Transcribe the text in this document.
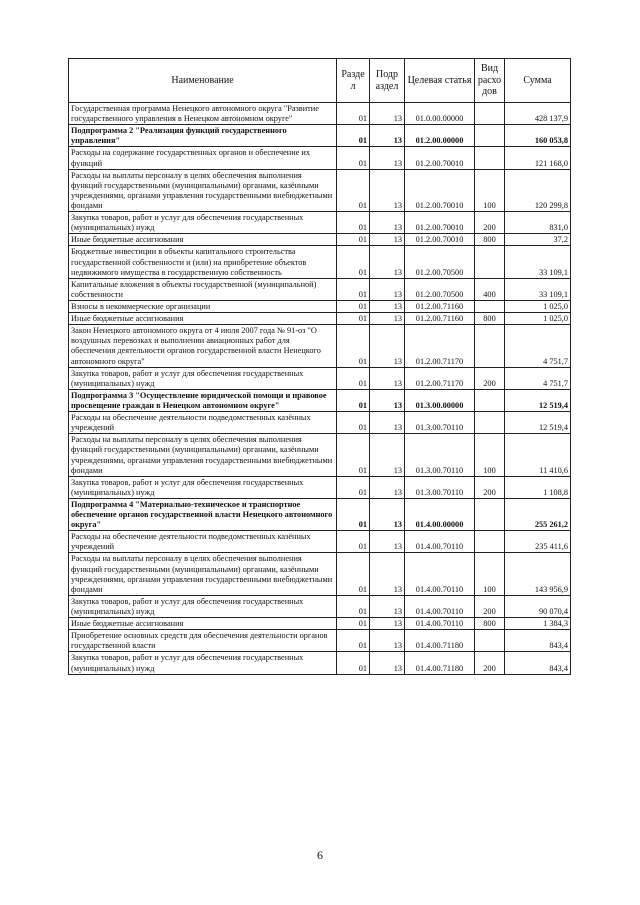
Наименование	Разде л	Подр аздел	Целевая статья	Вид расхо дов	Сумма
Государственная программа Ненецкого автономного округа "Развитие государственного управления в Ненецком автономном округе"	01	13	01.0.00.00000		428 137,9
Подпрограмма 2 "Реализация функций государственного управления"	01	13	01.2.00.00000		160 053,8
Расходы на содержание государственных органов и обеспечение их функций	01	13	01.2.00.70010		121 168,0
Расходы на выплаты персоналу в целях обеспечения выполнения функций государственными (муниципальными) органами, казёнными учреждениями, органами управления государственными внебюджетными фондами	01	13	01.2.00.70010	100	120 299,8
Закупка товаров, работ и услуг для обеспечения государственных (муниципальных) нужд	01	13	01.2.00.70010	200	831,0
Иные бюджетные ассигнования	01	13	01.2.00.70010	800	37,2
Бюджетные инвестиции в объекты капитального строительства государственной собственности и (или) на приобретение объектов недвижимого имущества в государственную собственность	01	13	01.2.00.70500		33 109,1
Капитальные вложения в объекты государственной (муниципальной) собственности	01	13	01.2.00.70500	400	33 109,1
Взносы в некоммерческие организации	01	13	01.2.00.71160		1 025,0
Иные бюджетные ассигнования	01	13	01.2.00.71160	800	1 025,0
Закон Ненецкого автономного округа от 4 июля 2007 года № 91-оз "О воздушных перевозках и выполнении авиационных работ для обеспечения деятельности органов государственной власти Ненецкого автономного округа"	01	13	01.2.00.71170		4 751,7
Закупка товаров, работ и услуг для обеспечения государственных (муниципальных) нужд	01	13	01.2.00.71170	200	4 751,7
Подпрограмма 3 "Осуществление юридической помощи и правовое просвещение граждан в Ненецком автономном округе"	01	13	01.3.00.00000		12 519,4
Расходы на обеспечение деятельности подведомственных казённых учреждений	01	13	01.3.00.70110		12 519,4
Расходы на выплаты персоналу в целях обеспечения выполнения функций государственными (муниципальными) органами, казёнными учреждениями, органами управления государственными внебюджетными фондами	01	13	01.3.00.70110	100	11 410,6
Закупка товаров, работ и услуг для обеспечения государственных (муниципальных) нужд	01	13	01.3.00.70110	200	1 108,8
Подпрограмма 4 "Материально-техническое и транспортное обеспечение органов государственной власти Ненецкого автономного округа"	01	13	01.4.00.00000		255 261,2
Расходы на обеспечение деятельности подведомственных казённых учреждений	01	13	01.4.00.70110		235 411,6
Расходы на выплаты персоналу в целях обеспечения выполнения функций государственными (муниципальными) органами, казёнными учреждениями, органами управления государственными внебюджетными фондами	01	13	01.4.00.70110	100	143 956,9
Закупка товаров, работ и услуг для обеспечения государственных (муниципальных) нужд	01	13	01.4.00.70110	200	90 070,4
Иные бюджетные ассигнования	01	13	01.4.00.70110	800	1 384,3
Приобретение основных средств для обеспечения деятельности органов государственной власти	01	13	01.4.00.71180		843,4
Закупка товаров, работ и услуг для обеспечения государственных (муниципальных) нужд	01	13	01.4.00.71180	200	843,4
6
